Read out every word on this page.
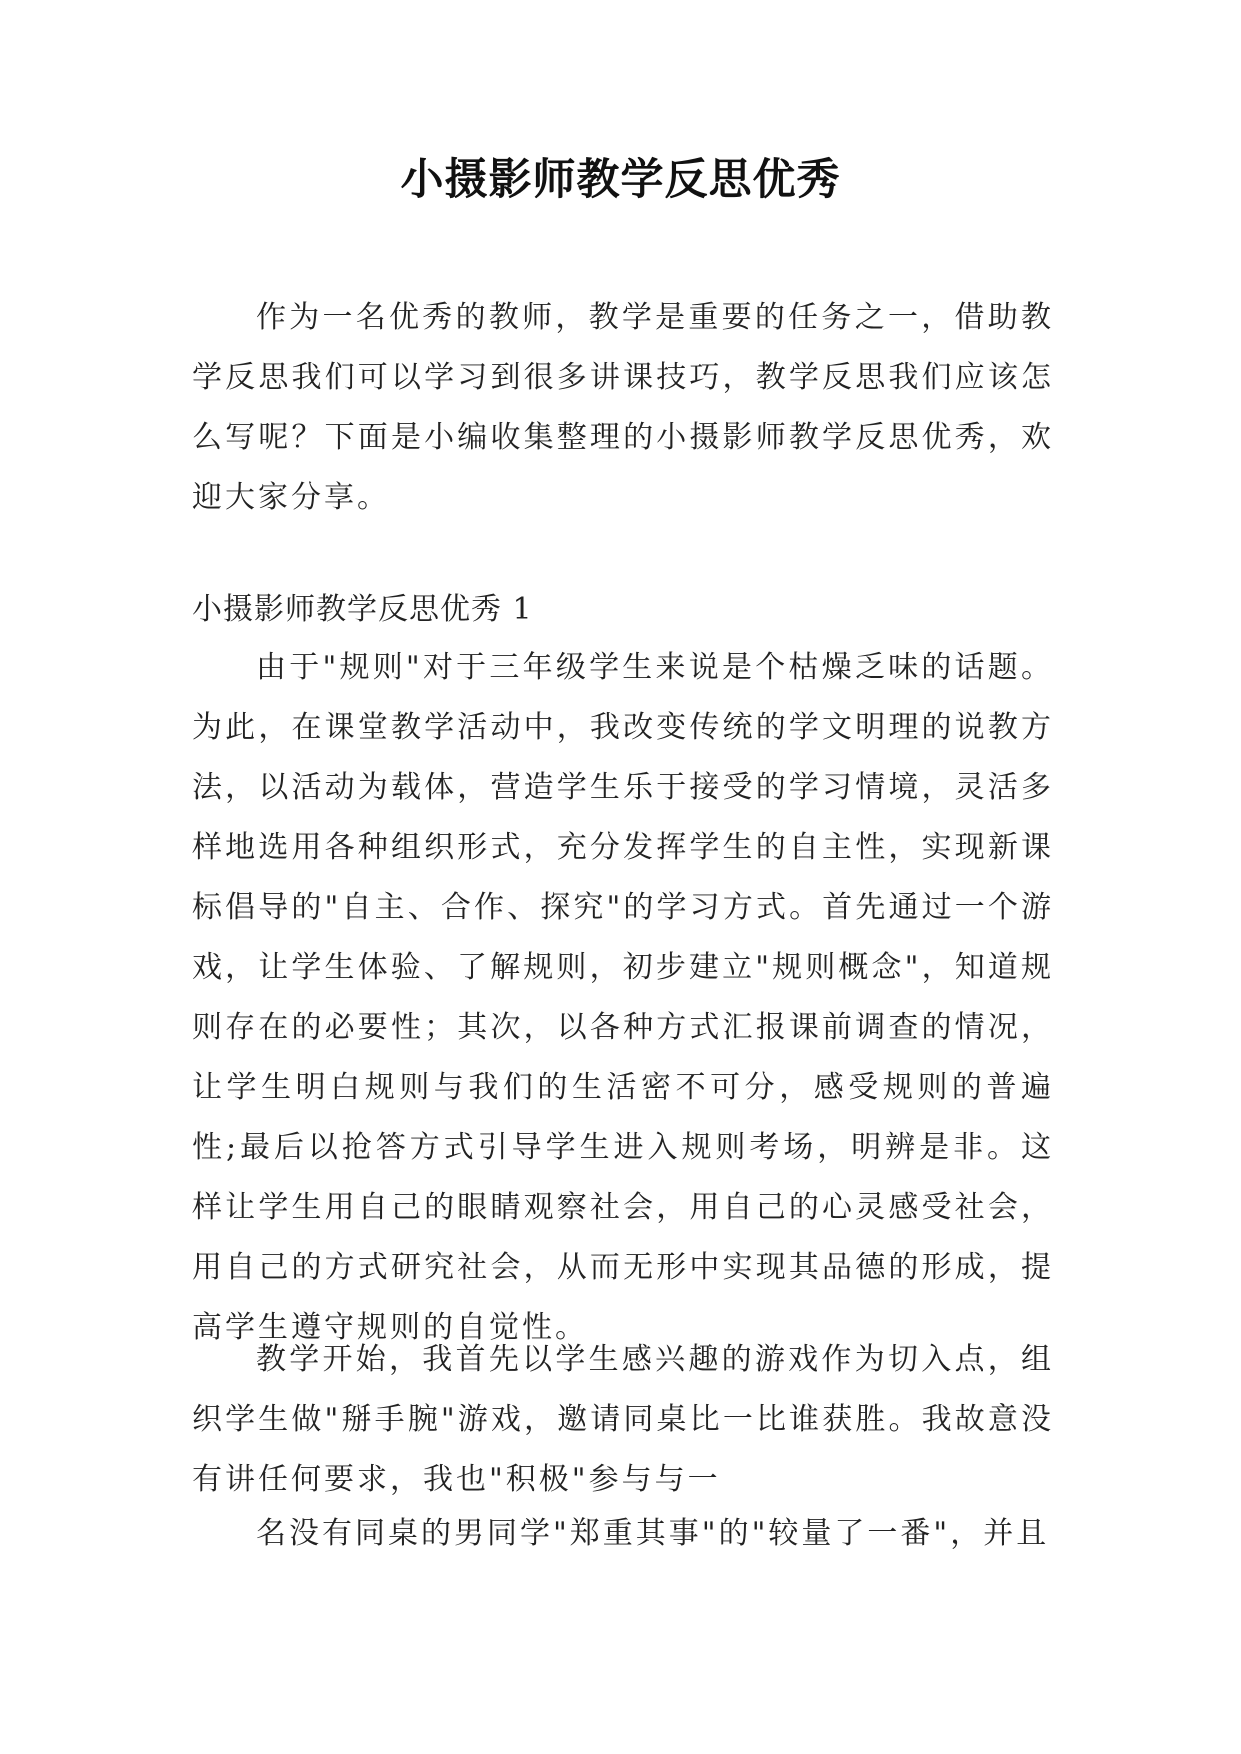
小摄影师教学反思优秀
作为一名优秀的教师，教学是重要的任务之一，借助教学反思我们可以学习到很多讲课技巧，教学反思我们应该怎么写呢？下面是小编收集整理的小摄影师教学反思优秀，欢迎大家分享。
小摄影师教学反思优秀 1
由于"规则"对于三年级学生来说是个枯燥乏味的话题。为此，在课堂教学活动中，我改变传统的学文明理的说教方法，以活动为载体，营造学生乐于接受的学习情境，灵活多样地选用各种组织形式，充分发挥学生的自主性，实现新课标倡导的"自主、合作、探究"的学习方式。首先通过一个游戏，让学生体验、了解规则，初步建立"规则概念"，知道规则存在的必要性；其次，以各种方式汇报课前调查的情况，让学生明白规则与我们的生活密不可分，感受规则的普遍性;最后以抢答方式引导学生进入规则考场，明辨是非。这样让学生用自己的眼睛观察社会，用自己的心灵感受社会，用自己的方式研究社会，从而无形中实现其品德的形成，提高学生遵守规则的自觉性。
教学开始，我首先以学生感兴趣的游戏作为切入点，组织学生做"掰手腕"游戏，邀请同桌比一比谁获胜。我故意没有讲任何要求，我也"积极"参与与一
名没有同桌的男同学"郑重其事"的"较量了一番"，并且
